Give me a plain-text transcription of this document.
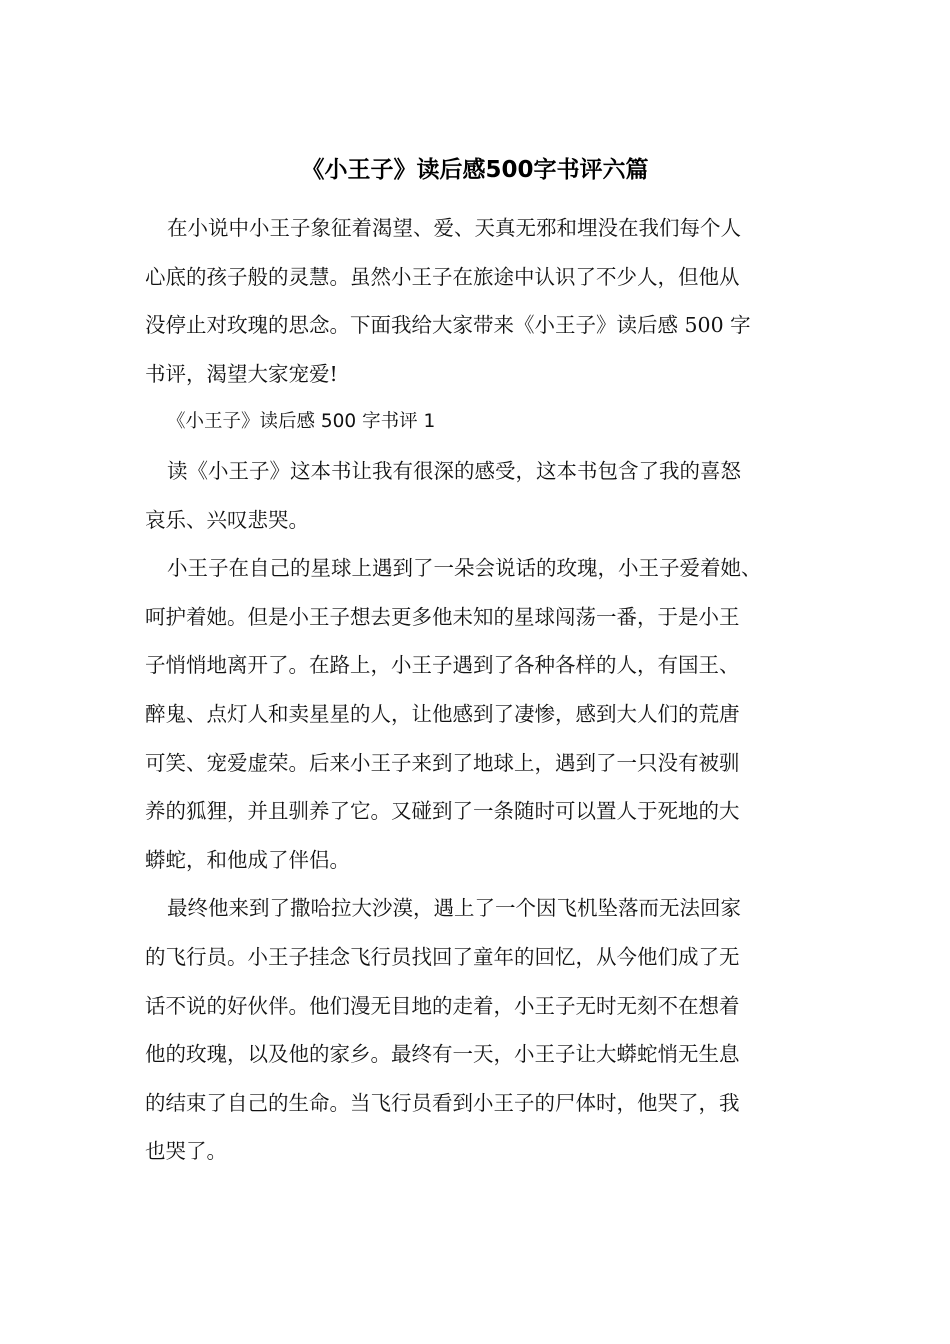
《小王子》读后感500字书评六篇
在小说中小王子象征着渴望、爱、天真无邪和埋没在我们每个人
心底的孩子般的灵慧。虽然小王子在旅途中认识了不少人，但他从
没停止对玫瑰的思念。下面我给大家带来《小王子》读后感 500 字
书评，渴望大家宠爱!
《小王子》读后感 500 字书评 1
读《小王子》这本书让我有很深的感受，这本书包含了我的喜怒
哀乐、兴叹悲哭。
小王子在自己的星球上遇到了一朵会说话的玫瑰，小王子爱着她、
呵护着她。但是小王子想去更多他未知的星球闯荡一番，于是小王
子悄悄地离开了。在路上，小王子遇到了各种各样的人，有国王、
醉鬼、点灯人和卖星星的人，让他感到了凄惨，感到大人们的荒唐
可笑、宠爱虚荣。后来小王子来到了地球上，遇到了一只没有被驯
养的狐狸，并且驯养了它。又碰到了一条随时可以置人于死地的大
蟒蛇，和他成了伴侣。
最终他来到了撒哈拉大沙漠，遇上了一个因飞机坠落而无法回家
的飞行员。小王子挂念飞行员找回了童年的回忆，从今他们成了无
话不说的好伙伴。他们漫无目地的走着，小王子无时无刻不在想着
他的玫瑰，以及他的家乡。最终有一天，小王子让大蟒蛇悄无生息
的结束了自己的生命。当飞行员看到小王子的尸体时，他哭了，我
也哭了。
